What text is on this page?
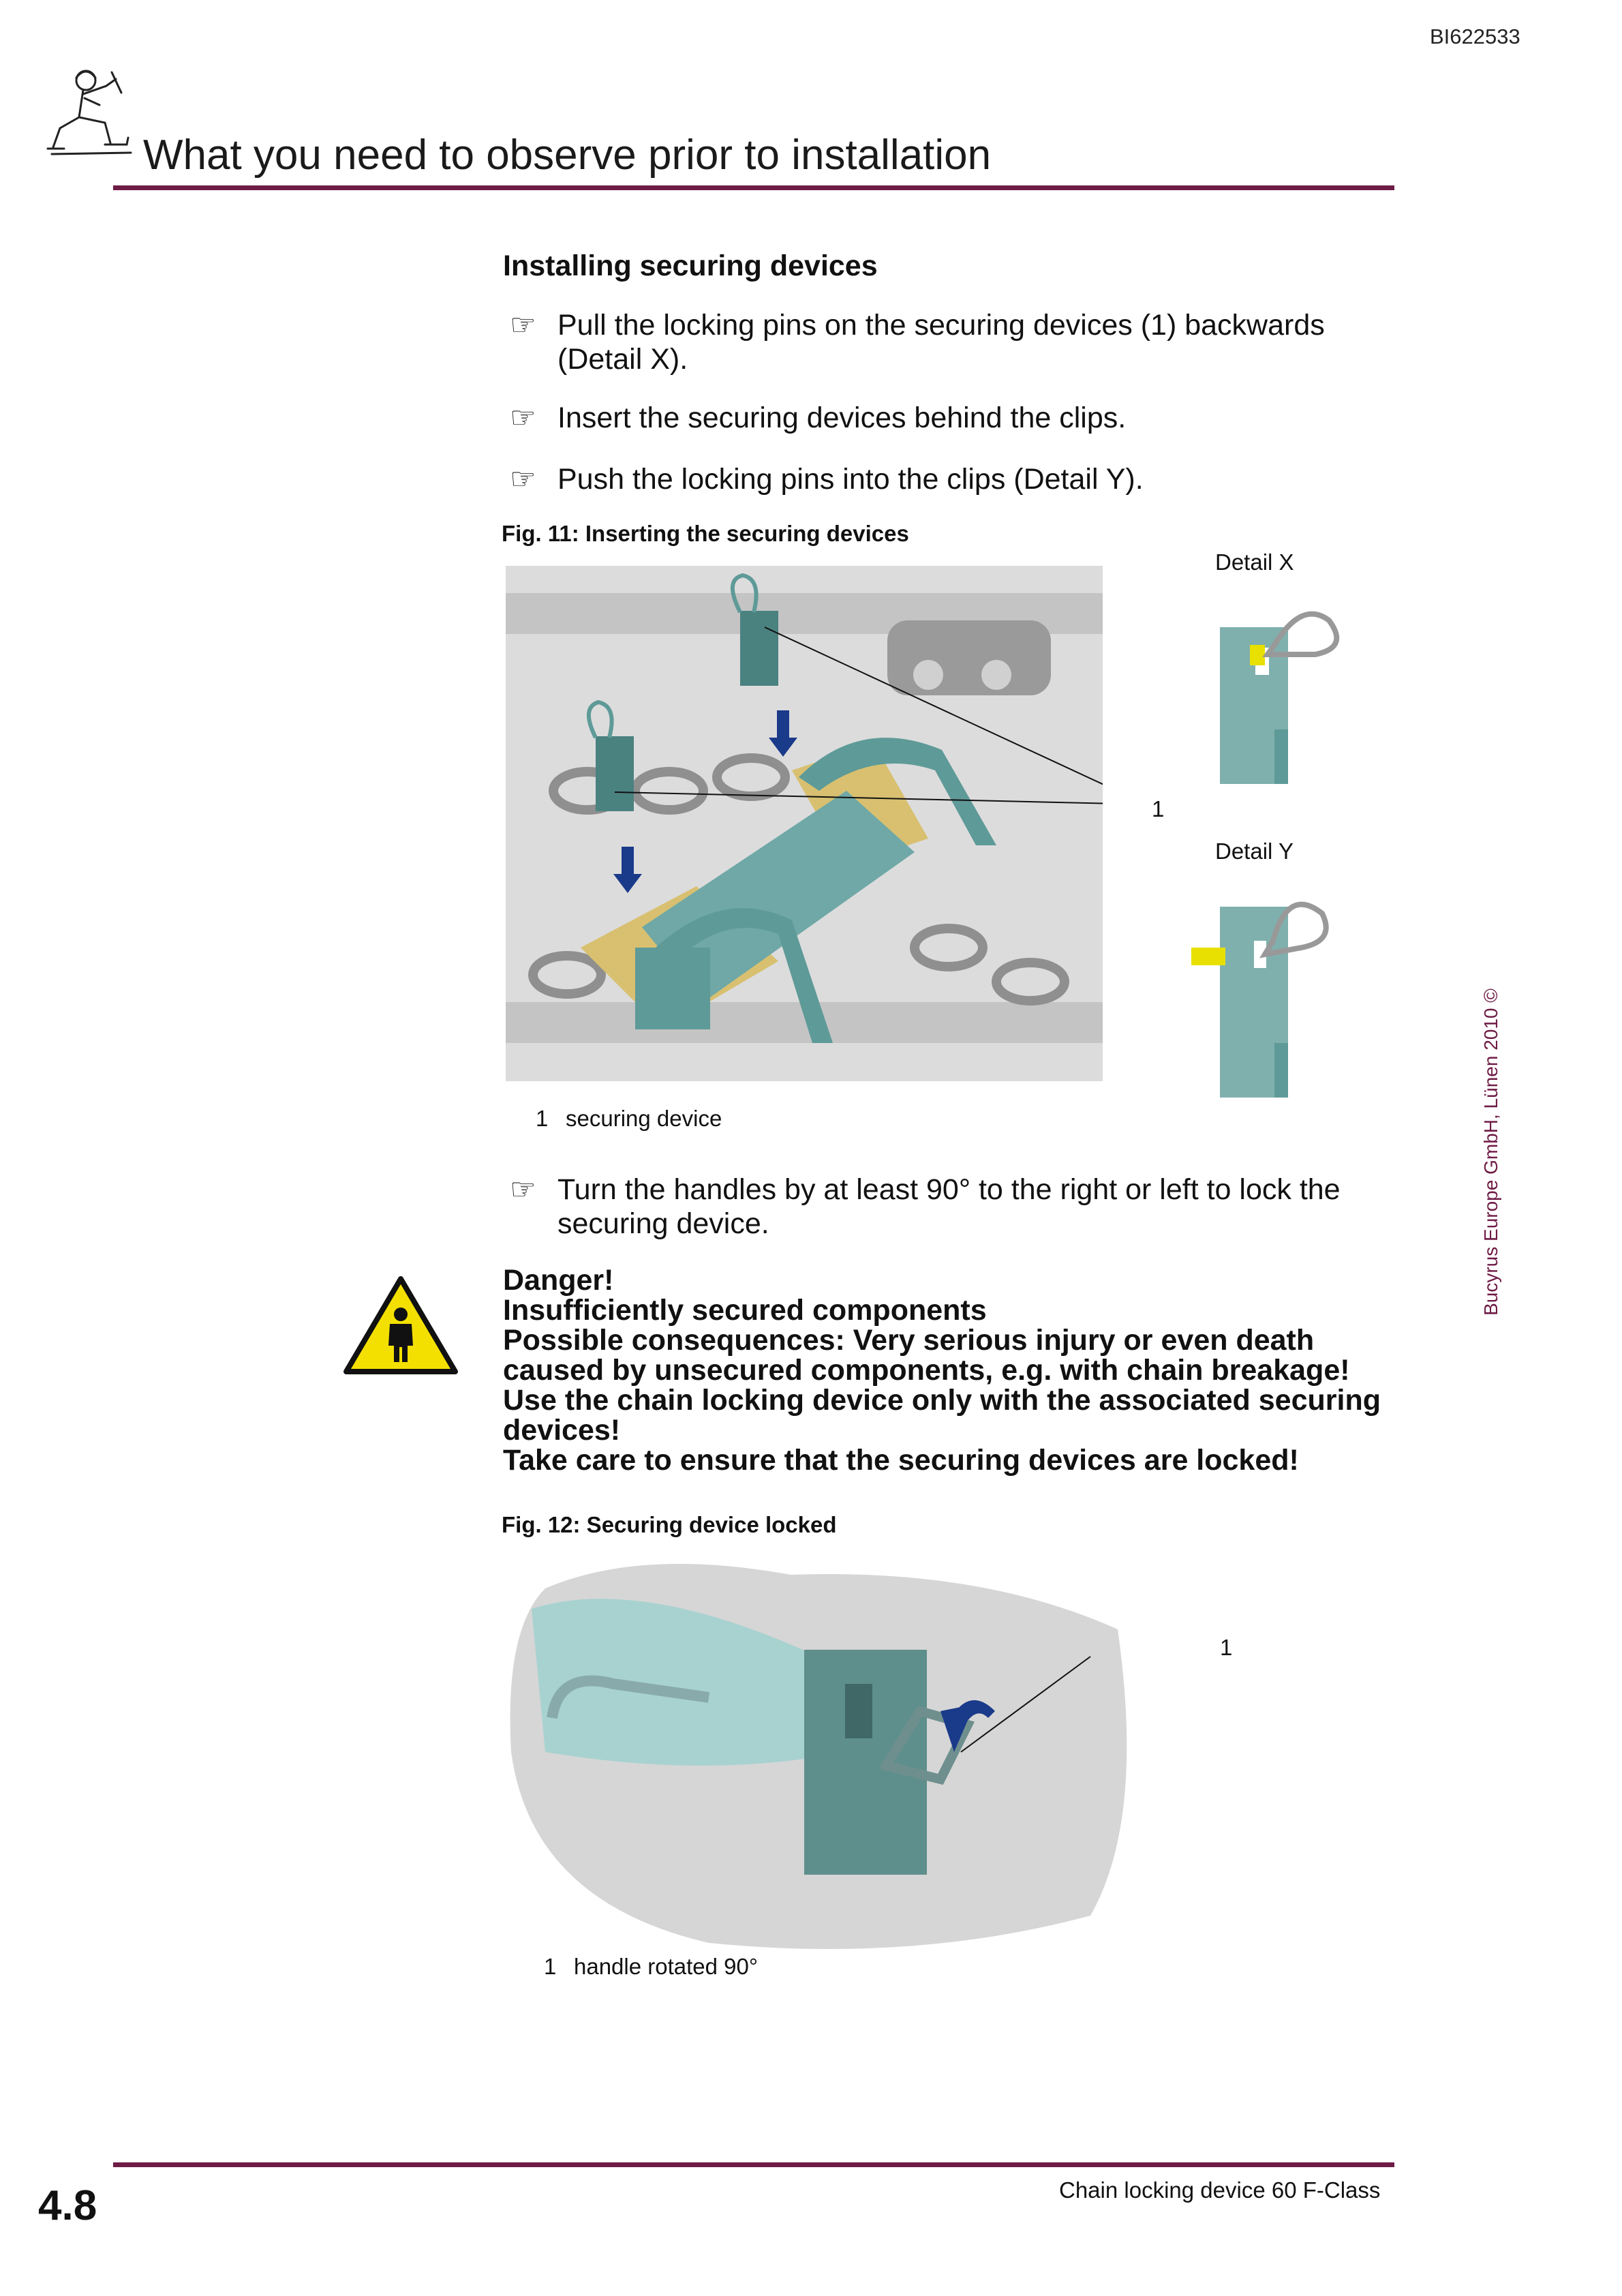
BI622533
What you need to observe prior to installation
Installing securing devices
☞ Pull the locking pins on the securing devices (1) backwards (Detail X).
☞ Insert the securing devices behind the clips.
☞ Push the locking pins into the clips (Detail Y).
Fig. 11: Inserting the securing devices
Detail X
Detail Y
1
1 securing device
☞ Turn the handles by at least 90° to the right or left to lock the securing device.
Danger!
Insufficiently secured components
Possible consequences: Very serious injury or even death caused by unsecured components, e.g. with chain breakage!
Use the chain locking device only with the associated securing devices!
Take care to ensure that the securing devices are locked!
Fig. 12: Securing device locked
1
1 handle rotated 90°
Bucyrus Europe GmbH, Lünen 2010 ©
Chain locking device 60 F-Class
4.8
